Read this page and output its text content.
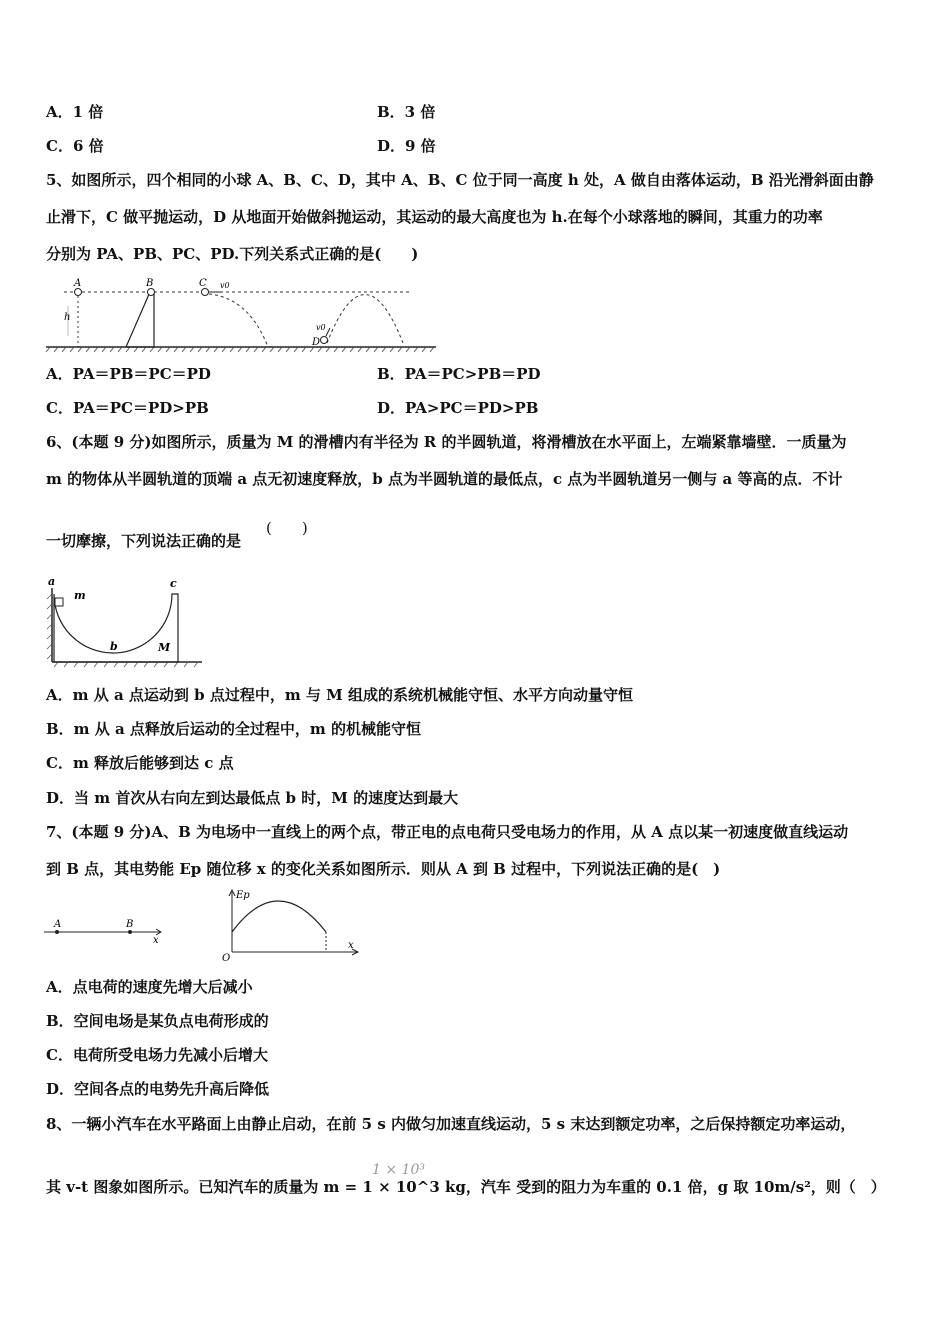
A．1 倍	B．3 倍
C．6 倍	D．9 倍
5、如图所示，四个相同的小球 A、B、C、D，其中 A、B、C 位于同一高度 h 处，A 做自由落体运动，B 沿光滑斜面由静
止滑下，C 做平抛运动，D 从地面开始做斜抛运动，其运动的最大高度也为 h.在每个小球落地的瞬间，其重力的功率
分别为 PA、PB、PC、PD.下列关系式正确的是(　　)
A
h
B	C v0
D
v0
A．PA＝PB＝PC＝PD	B．PA＝PC>PB＝PD
C．PA＝PC＝PD>PB	D．PA>PC＝PD>PB
6、(本题 9 分)如图所示，质量为 M 的滑槽内有半径为 R 的半圆轨道，将滑槽放在水平面上，左端紧靠墙壁．一质量为
m 的物体从半圆轨道的顶端 a 点无初速度释放，b 点为半圆轨道的最低点，c 点为半圆轨道另一侧与 a 等高的点．不计
一切摩擦，下列说法正确的是
(　　)
a
m
c
b	M
A．m 从 a 点运动到 b 点过程中，m 与 M 组成的系统机械能守恒、水平方向动量守恒
B．m 从 a 点释放后运动的全过程中，m 的机械能守恒
C．m 释放后能够到达 c 点
D．当 m 首次从右向左到达最低点 b 时，M 的速度达到最大
7、(本题 9 分)A、B 为电场中一直线上的两个点，带正电的点电荷只受电场力的作用，从 A 点以某一初速度做直线运动
到 B 点，其电势能 Ep 随位移 x 的变化关系如图所示．则从 A 到 B 过程中，下列说法正确的是(　)
A	B
x
Ep
O
x
A．点电荷的速度先增大后减小
B．空间电场是某负点电荷形成的
C．电荷所受电场力先减小后增大
D．空间各点的电势先升高后降低
8、一辆小汽车在水平路面上由静止启动，在前 5 s 内做匀加速直线运动，5 s 末达到额定功率，之后保持额定功率运动，
其 v-t 图象如图所示。已知汽车的质量为 m = 1 × 10^3 kg，汽车 受到的阻力为车重的 0.1 倍，g 取 10m/s²，则（　）
1 × 10³
